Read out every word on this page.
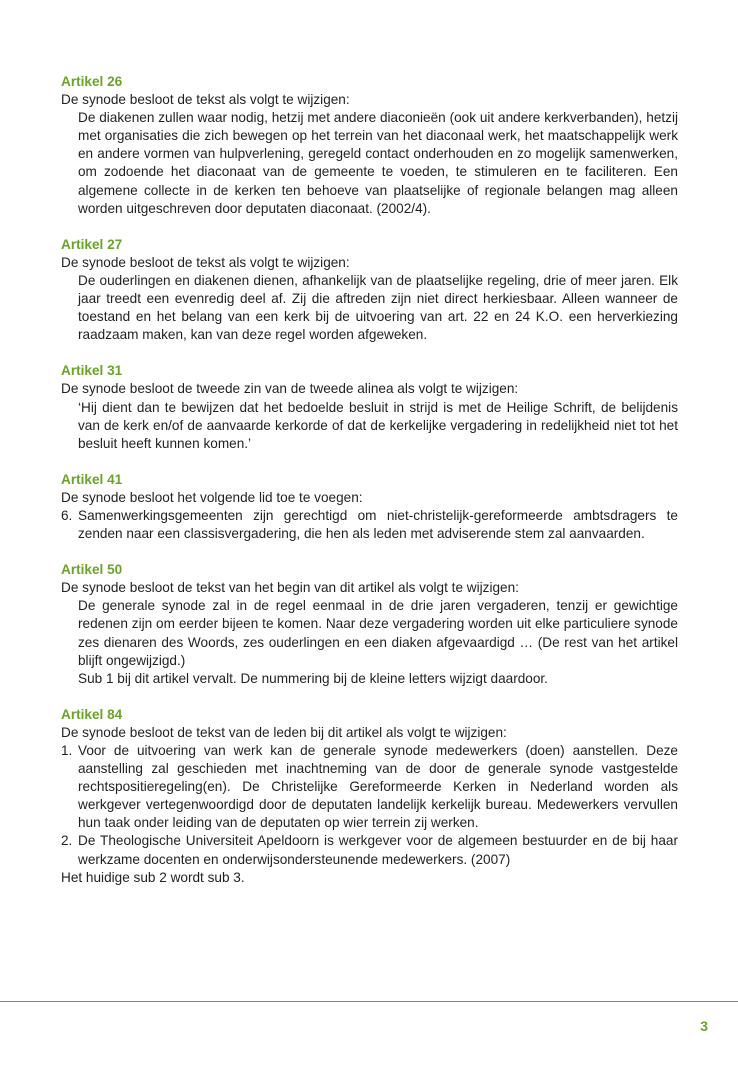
Artikel 26
De synode besloot de tekst als volgt te wijzigen:
De diakenen zullen waar nodig, hetzij met andere diaconieën (ook uit andere kerkverbanden), hetzij met organisaties die zich bewegen op het terrein van het diaconaal werk, het maatschappelijk werk en andere vormen van hulpverlening, geregeld contact onderhouden en zo mogelijk samenwerken, om zodoende het diaconaat van de gemeente te voeden, te stimuleren en te faciliteren. Een algemene collecte in de kerken ten behoeve van plaatselijke of regionale belangen mag alleen worden uitgeschreven door deputaten diaconaat. (2002/4).
Artikel 27
De synode besloot de tekst als volgt te wijzigen:
De ouderlingen en diakenen dienen, afhankelijk van de plaatselijke regeling, drie of meer jaren. Elk jaar treedt een evenredig deel af. Zij die aftreden zijn niet direct herkiesbaar. Alleen wanneer de toestand en het belang van een kerk bij de uitvoering van art. 22 en 24 K.O. een herverkiezing raadzaam maken, kan van deze regel worden afgeweken.
Artikel 31
De synode besloot de tweede zin van de tweede alinea als volgt te wijzigen:
‘Hij dient dan te bewijzen dat het bedoelde besluit in strijd is met de Heilige Schrift, de belijdenis van de kerk en/of de aanvaarde kerkorde of dat de kerkelijke vergadering in redelijkheid niet tot het besluit heeft kunnen komen.’
Artikel 41
De synode besloot het volgende lid toe te voegen:
6. Samenwerkingsgemeenten zijn gerechtigd om niet-christelijk-gereformeerde ambtsdragers te zenden naar een classisvergadering, die hen als leden met adviserende stem zal aanvaarden.
Artikel 50
De synode besloot de tekst van het begin van dit artikel als volgt te wijzigen:
De generale synode zal in de regel eenmaal in de drie jaren vergaderen, tenzij er gewichtige redenen zijn om eerder bijeen te komen. Naar deze vergadering worden uit elke particuliere synode zes dienaren des Woords, zes ouderlingen en een diaken afgevaardigd … (De rest van het artikel blijft ongewijzigd.)
Sub 1 bij dit artikel vervalt. De nummering bij de kleine letters wijzigt daardoor.
Artikel 84
De synode besloot de tekst van de leden bij dit artikel als volgt te wijzigen:
1. Voor de uitvoering van werk kan de generale synode medewerkers (doen) aanstellen. Deze aanstelling zal geschieden met inachtneming van de door de generale synode vastgestelde rechtspositieregeling(en). De Christelijke Gereformeerde Kerken in Nederland worden als werkgever vertegenwoordigd door de deputaten landelijk kerkelijk bureau. Medewerkers vervullen hun taak onder leiding van de deputaten op wier terrein zij werken.
2. De Theologische Universiteit Apeldoorn is werkgever voor de algemeen bestuurder en de bij haar werkzame docenten en onderwijsondersteunende medewerkers. (2007)
Het huidige sub 2 wordt sub 3.
3
